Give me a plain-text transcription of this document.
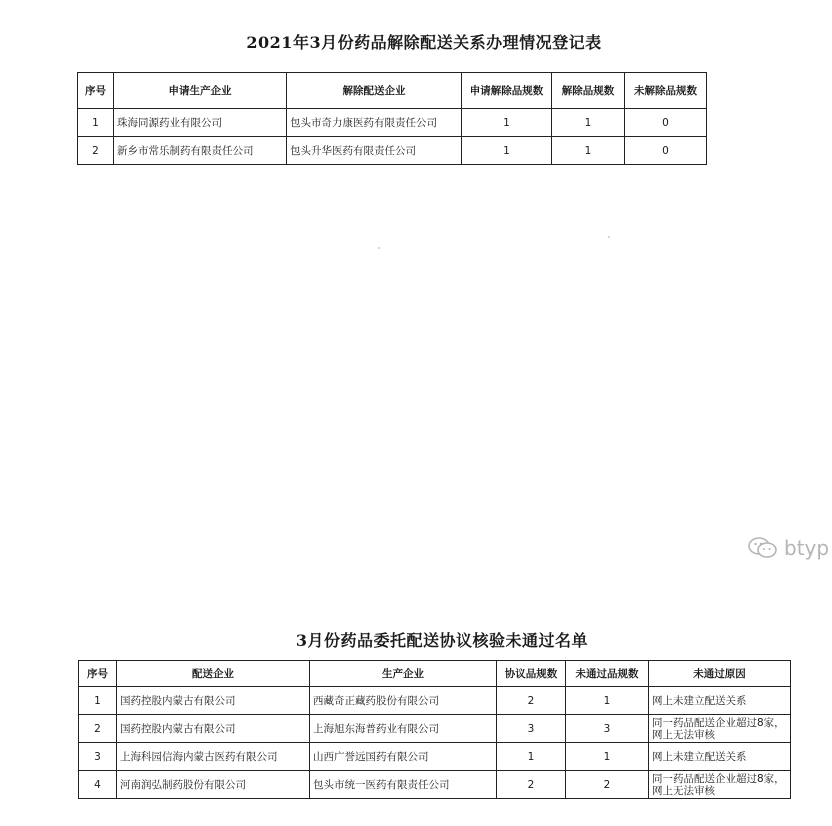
2021年3月份药品解除配送关系办理情况登记表
序号	申请生产企业	解除配送企业	申请解除品规数	解除品规数	未解除品规数
1	珠海同源药业有限公司	包头市奇力康医药有限责任公司	1	1	0
2	新乡市常乐制药有限责任公司	包头升华医药有限责任公司	1	1	0
btyp
3月份药品委托配送协议核验未通过名单
序号	配送企业	生产企业	协议品规数	未通过品规数	未通过原因
1	国药控股内蒙古有限公司	西藏奇正藏药股份有限公司	2	1	网上未建立配送关系
2	国药控股内蒙古有限公司	上海旭东海普药业有限公司	3	3	同一药品配送企业超过8家，网上无法审核
3	上海科园信海内蒙古医药有限公司	山西广誉远国药有限公司	1	1	网上未建立配送关系
4	河南润弘制药股份有限公司	包头市统一医药有限责任公司	2	2	同一药品配送企业超过8家，网上无法审核
